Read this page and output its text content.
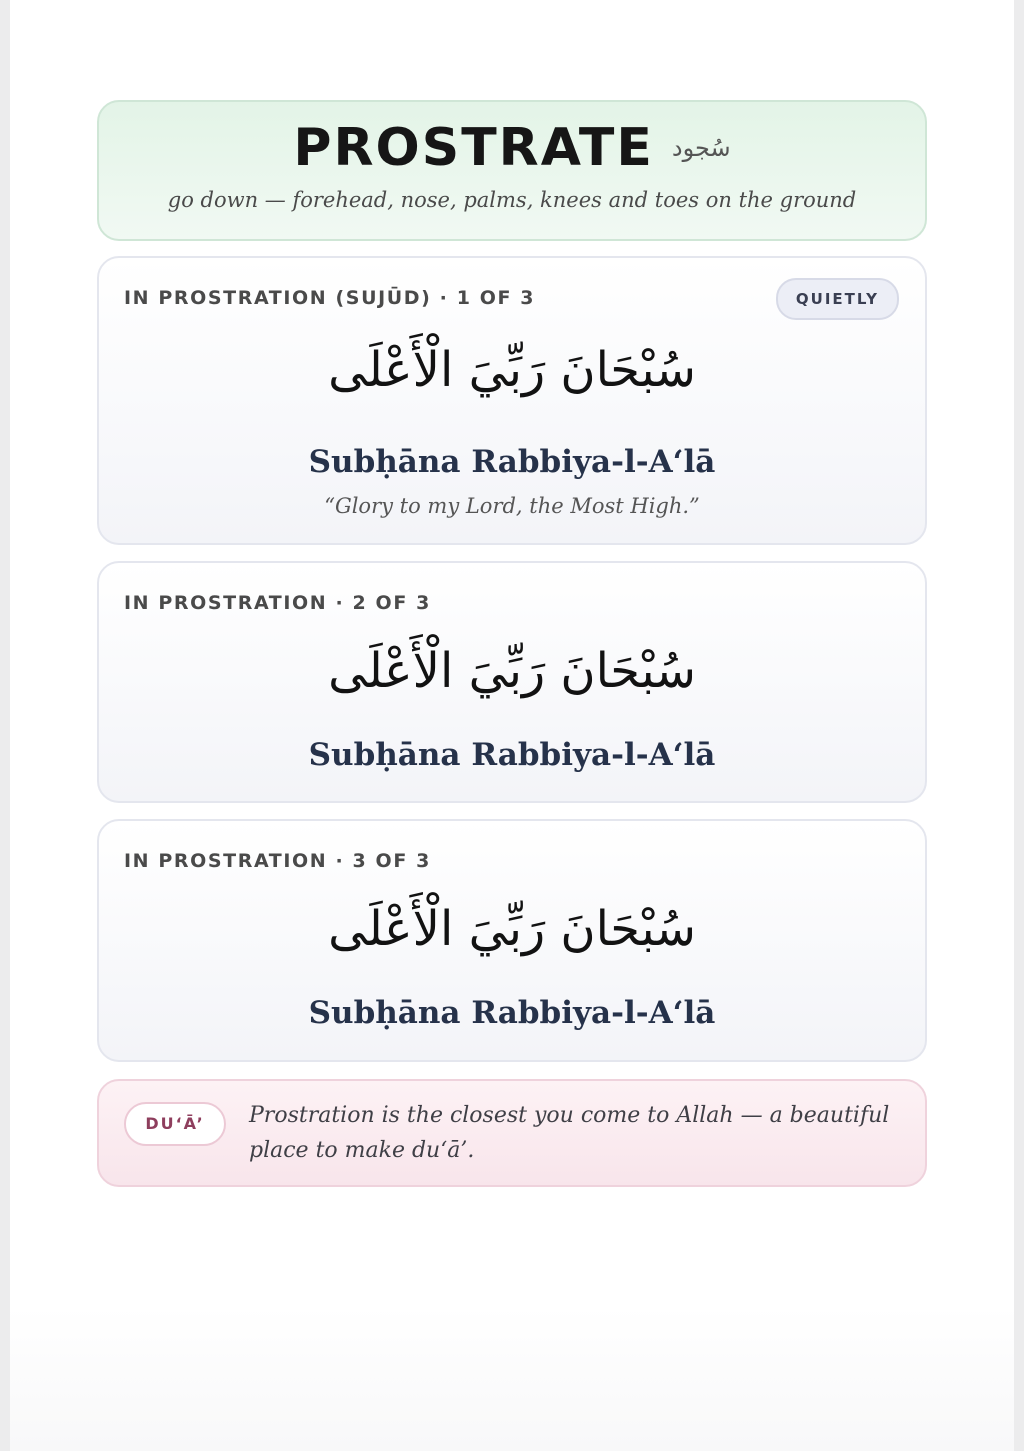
PROSTRATE سُجود
go down — forehead, nose, palms, knees and toes on the ground
IN PROSTRATION (SUJŪD) · 1 OF 3	QUIETLY
سُبْحَانَ رَبِّيَ الْأَعْلَى
Subḥāna Rabbiya-l-A‘lā
“Glory to my Lord, the Most High.”
IN PROSTRATION · 2 OF 3
سُبْحَانَ رَبِّيَ الْأَعْلَى
Subḥāna Rabbiya-l-A‘lā
IN PROSTRATION · 3 OF 3
سُبْحَانَ رَبِّيَ الْأَعْلَى
Subḥāna Rabbiya-l-A‘lā
DU‘Ā’	Prostration is the closest you come to Allah — a beautiful place to make du‘ā’.
